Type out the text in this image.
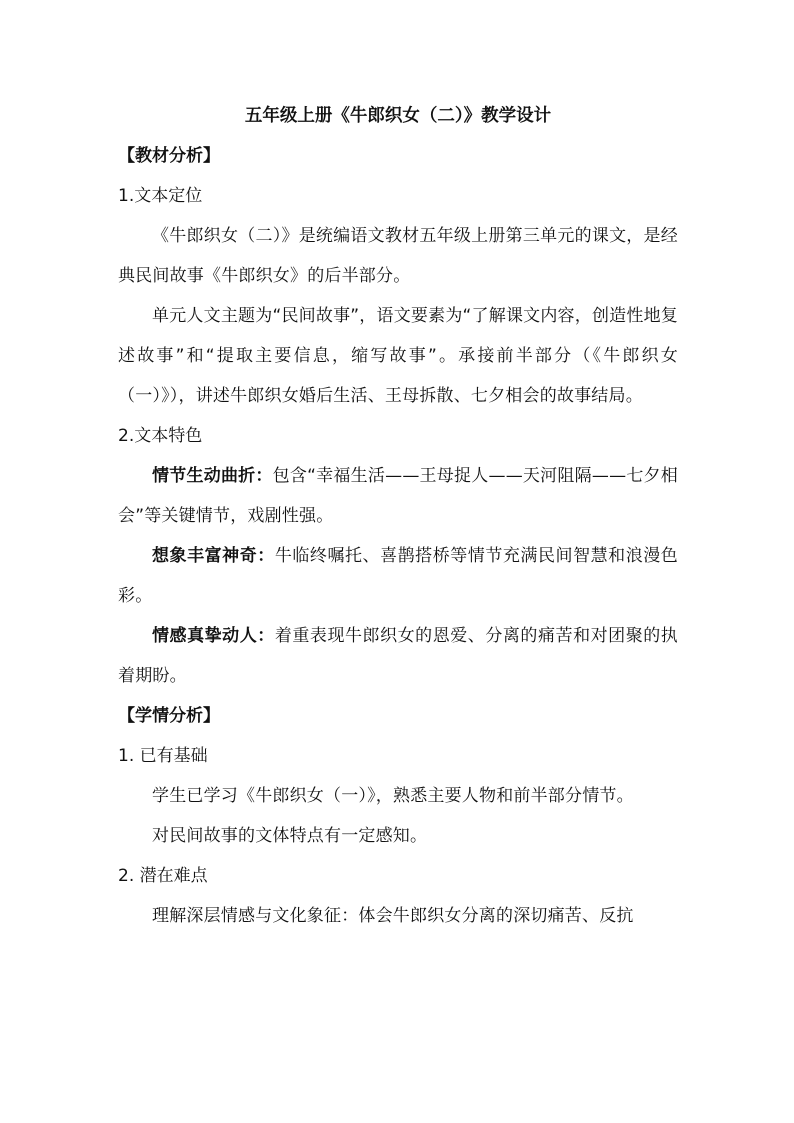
五年级上册《牛郎织女（二）》教学设计
【教材分析】
1.文本定位
《牛郎织女（二）》是统编语文教材五年级上册第三单元的课文，是经典民间故事《牛郎织女》的后半部分。
单元人文主题为“民间故事”，语文要素为“了解课文内容，创造性地复述故事”和“提取主要信息，缩写故事”。承接前半部分（《牛郎织女（一）》），讲述牛郎织女婚后生活、王母拆散、七夕相会的故事结局。
2.文本特色
情节生动曲折：包含“幸福生活——王母捉人——天河阻隔——七夕相会”等关键情节，戏剧性强。
想象丰富神奇：牛临终嘱托、喜鹊搭桥等情节充满民间智慧和浪漫色彩。
情感真挚动人：着重表现牛郎织女的恩爱、分离的痛苦和对团聚的执着期盼。
【学情分析】
1. 已有基础
学生已学习《牛郎织女（一）》，熟悉主要人物和前半部分情节。
对民间故事的文体特点有一定感知。
2. 潜在难点
理解深层情感与文化象征：体会牛郎织女分离的深切痛苦、反抗
